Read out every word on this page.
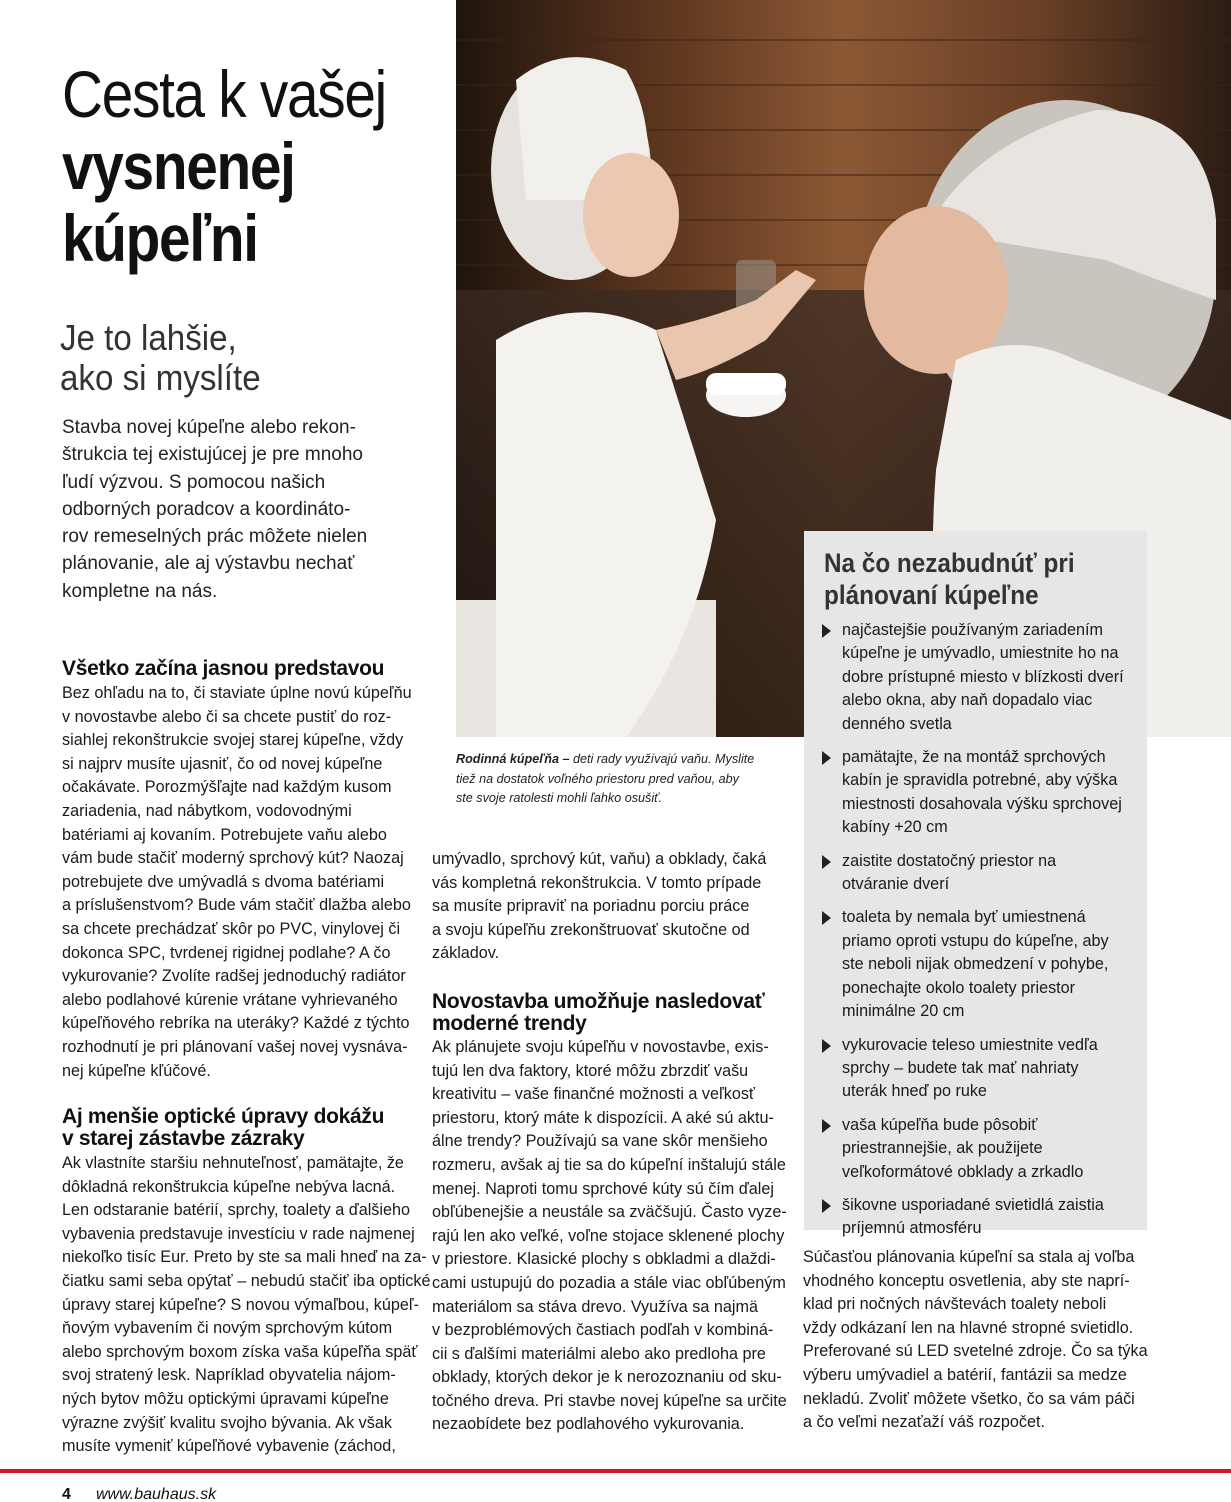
Cesta k vašej
vysnenej
kúpeľni
Je to lahšie,
ako si myslíte
Stavba novej kúpeľne alebo rekon-
štrukcia tej existujúcej je pre mnoho
ľudí výzvou. S pomocou našich
odborných poradcov a koordináto-
rov remeselných prác môžete nielen
plánovanie, ale aj výstavbu nechať
kompletne na nás.
Všetko začína jasnou predstavou
Bez ohľadu na to, či staviate úplne novú kúpeľňu
v novostavbe alebo či sa chcete pustiť do roz-
siahlej rekonštrukcie svojej starej kúpeľne, vždy
si najprv musíte ujasniť, čo od novej kúpeľne
očakávate. Porozmýšľajte nad každým kusom
zariadenia, nad nábytkom, vodovodnými
batériami aj kovaním. Potrebujete vaňu alebo
vám bude stačiť moderný sprchový kút? Naozaj
potrebujete dve umývadlá s dvoma batériami
a príslušenstvom? Bude vám stačiť dlažba alebo
sa chcete prechádzať skôr po PVC, vinylovej či
dokonca SPC, tvrdenej rigidnej podlahe? A čo
vykurovanie? Zvolíte radšej jednoduchý radiátor
alebo podlahové kúrenie vrátane vyhrievaného
kúpeľňového rebríka na uteráky? Každé z týchto
rozhodnutí je pri plánovaní vašej novej vysnáva-
nej kúpeľne kľúčové.
Aj menšie optické úpravy dokážu
v starej zástavbe zázraky
Ak vlastníte staršiu nehnuteľnosť, pamätajte, že
dôkladná rekonštrukcia kúpeľne nebýva lacná.
Len odstaranie batérií, sprchy, toalety a ďalšieho
vybavenia predstavuje investíciu v rade najmenej
niekoľko tisíc Eur. Preto by ste sa mali hneď na za-
čiatku sami seba opýtať – nebudú stačiť iba optické
úpravy starej kúpeľne? S novou výmaľbou, kúpeľ-
ňovým vybavením či novým sprchovým kútom
alebo sprchovým boxom získa vaša kúpeľňa späť
svoj stratený lesk. Napríklad obyvatelia nájom-
ných bytov môžu optickými úpravami kúpeľne
výrazne zvýšiť kvalitu svojho bývania. Ak však
musíte vymeniť kúpeľňové vybavenie (záchod,
umývadlo, sprchový kút, vaňu) a obklady, čaká
vás kompletná rekonštrukcia. V tomto prípade
sa musíte pripraviť na poriadnu porciu práce
a svoju kúpeľňu zrekonštruovať skutočne od
základov.
Novostavba umožňuje nasledovať
moderné trendy
Ak plánujete svoju kúpeľňu v novostavbe, exis-
tujú len dva faktory, ktoré môžu zbrzdiť vašu
kreativitu – vaše finančné možnosti a veľkosť
priestoru, ktorý máte k dispozícii. A aké sú aktu-
álne trendy? Používajú sa vane skôr menšieho
rozmeru, avšak aj tie sa do kúpeľní inštalujú stále
menej. Naproti tomu sprchové kúty sú čím ďalej
obľúbenejšie a neustále sa zväčšujú. Často vyze-
rajú len ako veľké, voľne stojace sklenené plochy
v priestore. Klasické plochy s obkladmi a dlaždi-
cami ustupujú do pozadia a stále viac obľúbeným
materiálom sa stáva drevo. Využíva sa najmä
v bezproblémových častiach podľah v kombiná-
cii s ďalšími materiálmi alebo ako predloha pre
obklady, ktorých dekor je k nerozoznaniu od sku-
točného dreva. Pri stavbe novej kúpeľne sa určite
nezaobídete bez podlahového vykurovania.
Súčasťou plánovania kúpeľní sa stala aj voľba
vhodného konceptu osvetlenia, aby ste naprí-
klad pri nočných návštevách toalety neboli
vždy odkázaní len na hlavné stropné svietidlo.
Preferované sú LED svetelné zdroje. Čo sa týka
výberu umývadiel a batérií, fantázii sa medze
nekladú. Zvoliť môžete všetko, čo sa vám páči
a čo veľmi nezaťaží váš rozpočet.
Rodinná kúpeľňa – deti rady využívajú vaňu. Myslite
tiež na dostatok voľného priestoru pred vaňou, aby
ste svoje ratolesti mohli ľahko osušiť.
Na čo nezabudnúť pri
plánovaní kúpeľne
najčastejšie používaným zariadením
kúpeľne je umývadlo, umiestnite ho na
dobre prístupné miesto v blízkosti dverí
alebo okna, aby naň dopadalo viac
denného svetla
pamätajte, že na montáž sprchových
kabín je spravidla potrebné, aby výška
miestnosti dosahovala výšku sprchovej
kabíny +20 cm
zaistite dostatočný priestor na
otváranie dverí
toaleta by nemala byť umiestnená
priamo oproti vstupu do kúpeľne, aby
ste neboli nijak obmedzení v pohybe,
ponechajte okolo toalety priestor
minimálne 20 cm
vykurovacie teleso umiestnite vedľa
sprchy – budete tak mať nahriaty
uterák hneď po ruke
vaša kúpeľňa bude pôsobiť
priestrannejšie, ak použijete
veľkoformátové obklady a zrkadlo
šikovne usporiadané svietidlá zaistia
príjemnú atmosféru
4 www.bauhaus.sk
